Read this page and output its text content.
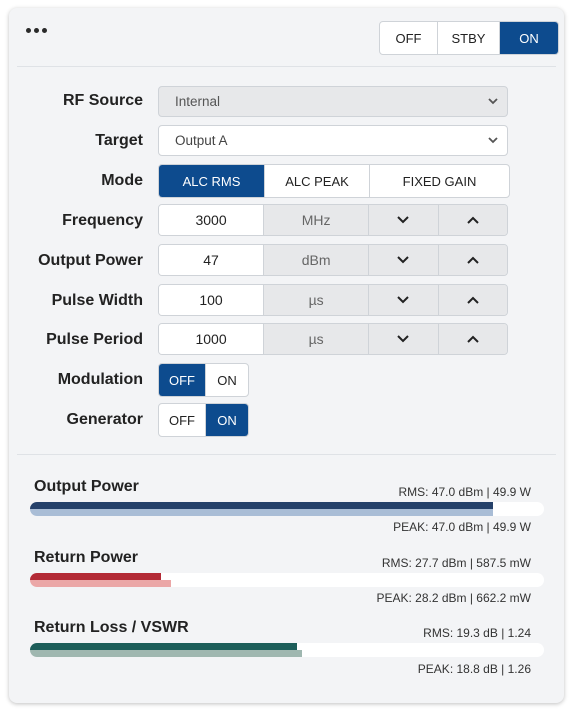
OFF	STBY	ON
RF Source Internal
Target Output A
Mode	ALC RMS	ALC PEAK	FIXED GAIN
Frequency	3000	MHz
Output Power	47	dBm
Pulse Width	100	µs
Pulse Period	1000	µs
Modulation	OFF	ON
Generator	OFF	ON
Output Power	RMS: 47.0 dBm | 49.9 W
PEAK: 47.0 dBm | 49.9 W
Return Power	RMS: 27.7 dBm | 587.5 mW
PEAK: 28.2 dBm | 662.2 mW
Return Loss / VSWR	RMS: 19.3 dB | 1.24
PEAK: 18.8 dB | 1.26
